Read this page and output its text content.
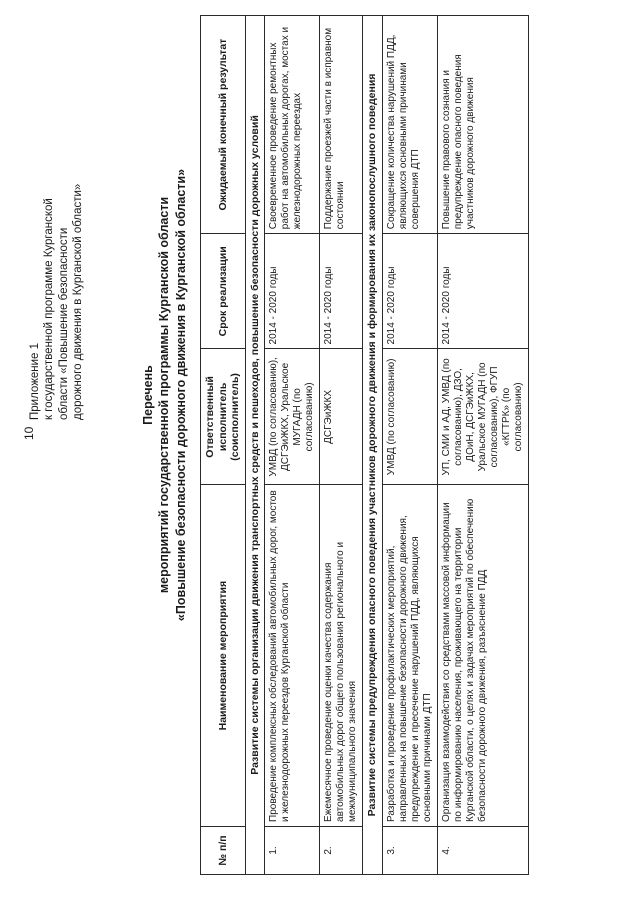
10
Приложение 1 к государственной программе Курганской области «Повышение безопасности дорожного движения в Курганской области»	Перечень мероприятий государственной программы Курганской области «Повышение безопасности дорожного движения в Курганской области»
№ п/п	Наименование мероприятия	Ответственный исполнитель (соисполнитель)	Срок реализации	Ожидаемый конечный результат
Развитие системы организации движения транспортных средств и пешеходов, повышение безопасности дорожных условий				
1.	Проведение комплексных обследований автомобильных дорог, мостов и железнодорожных переездов Курганской области	УМВД (по согласованию), ДСГЭиЖКХ, Уральское МУГАДН (по согласованию)	2014 - 2020 годы	Своевременное проведение ремонтных работ на автомобильных дорогах, мостах и железнодорожных переездах
2.	Ежемесячное проведение оценки качества содержания автомобильных дорог общего пользования регионального и межмуниципального значения	ДСГЭиЖКХ	2014 - 2020 годы	Поддержание проезжей части в исправном состоянии
Развитие системы предупреждения опасного поведения участников дорожного движения и формирования их законопослушного поведения				
3.	Разработка и проведение профилактических мероприятий, направленных на повышение безопасности дорожного движения, предупреждение и пресечение нарушений ПДД, являющихся основными причинами ДТП	УМВД (по согласованию)	2014 - 2020 годы	Сокращение количества нарушений ПДД, являющихся основными причинами совершения ДТП
4.	Организация взаимодействия со средствами массовой информации по информированию населения, проживающего на территории Курганской области, о целях и задачах мероприятий по обеспечению безопасности дорожного движения, разъяснение ПДД	УП, СМИ и АД, УМВД (по согласованию), ДЗО, ДОиН, ДСГЭиЖКХ, Уральское МУГАДН (по согласованию), ФГУП «КГТРК» (по согласованию)	2014 - 2020 годы	Повышение правового сознания и предупреждение опасного поведения участников дорожного движения
